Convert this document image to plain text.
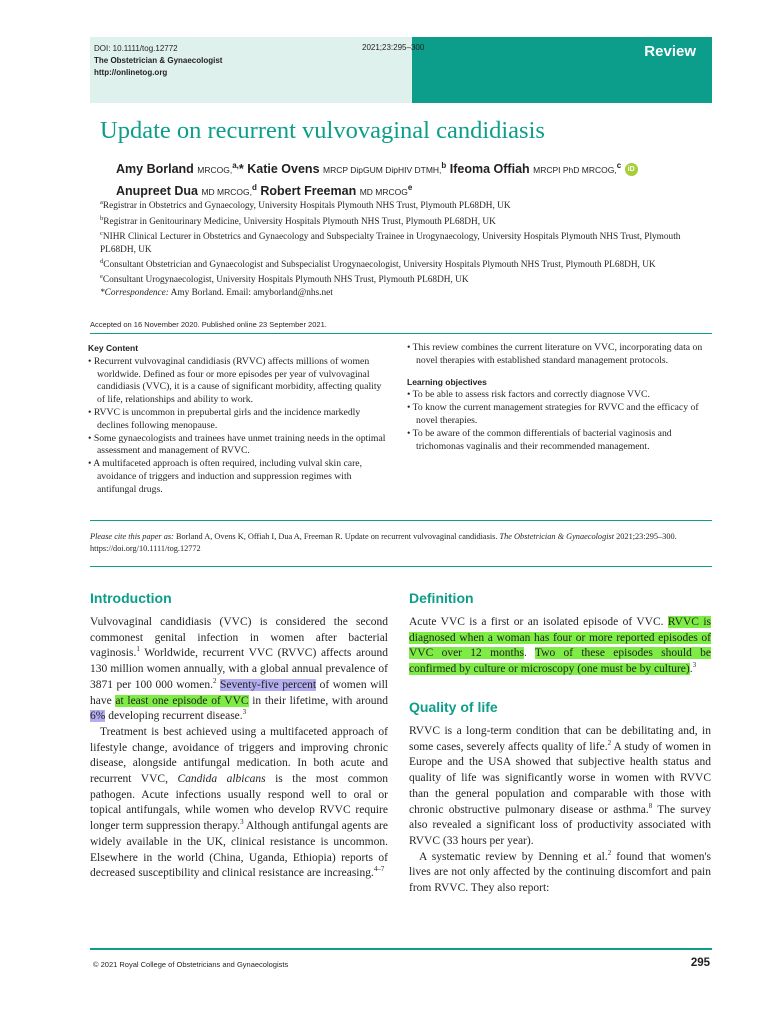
DOI: 10.1111/tog.12772
The Obstetrician & Gynaecologist
http://onlinetog.org
2021;23:295–300	Review
Update on recurrent vulvovaginal candidiasis
Amy Borland MRCOG,$^{a,}$* Katie Ovens MRCP DipGUM DipHIV DTMH,$^b$ Ifeoma Offiah MRCPI PhD MRCOG,$^c$ iD
Anupreet Dua MD MRCOG,$^d$ Robert Freeman MD MRCOG$^e$
$^a$Registrar in Obstetrics and Gynaecology, University Hospitals Plymouth NHS Trust, Plymouth PL68DH, UK
$^b$Registrar in Genitourinary Medicine, University Hospitals Plymouth NHS Trust, Plymouth PL68DH, UK
$^c$NIHR Clinical Lecturer in Obstetrics and Gynaecology and Subspecialty Trainee in Urogynaecology, University Hospitals Plymouth NHS Trust, Plymouth PL68DH, UK
$^d$Consultant Obstetrician and Gynaecologist and Subspecialist Urogynaecologist, University Hospitals Plymouth NHS Trust, Plymouth PL68DH, UK
$^e$Consultant Urogynaecologist, University Hospitals Plymouth NHS Trust, Plymouth PL68DH, UK
*Correspondence: Amy Borland. Email: amyborland@nhs.net
Accepted on 16 November 2020. Published online 23 September 2021.
Key Content

• Recurrent vulvovaginal candidiasis (RVVC) affects millions of women worldwide. Defined as four or more episodes per year of vulvovaginal candidiasis (VVC), it is a cause of significant morbidity, affecting quality of life, relationships and ability to work.

• RVVC is uncommon in prepubertal girls and the incidence markedly declines following menopause.

• Some gynaecologists and trainees have unmet training needs in the optimal assessment and management of RVVC.

• A multifaceted approach is often required, including vulval skin care, avoidance of triggers and induction and suppression regimes with antifungal drugs.

• This review combines the current literature on VVC, incorporating data on novel therapies with established standard management protocols.

Learning objectives

• To be able to assess risk factors and correctly diagnose VVC.

• To know the current management strategies for RVVC and the efficacy of novel therapies.

• To be aware of the common differentials of bacterial vaginosis and trichomonas vaginalis and their recommended management.

Please cite this paper as: Borland A, Ovens K, Offiah I, Dua A, Freeman R. Update on recurrent vulvovaginal candidiasis. The Obstetrician & Gynaecologist 2021;23:295–300. https://doi.org/10.1111/tog.12772
Introduction

Vulvovaginal candidiasis (VVC) is considered the second commonest genital infection in women after bacterial vaginosis.$^1$ Worldwide, recurrent VVC (RVVC) affects around 130 million women annually, with a global annual prevalence of 3871 per 100 000 women.$^2$ Seventy-five percent of women will have at least one episode of VVC in their lifetime, with around 6% developing recurrent disease.$^3$

Treatment is best achieved using a multifaceted approach of lifestyle change, avoidance of triggers and improving chronic disease, alongside antifungal medication. In both acute and recurrent VVC, Candida albicans is the most common pathogen. Acute infections usually respond well to oral or topical antifungals, while women who develop RVVC require longer term suppression therapy.$^3$ Although antifungal agents are widely available in the UK, clinical resistance is uncommon. Elsewhere in the world (China, Uganda, Ethiopia) reports of decreased susceptibility and clinical resistance are increasing.$^{4-7}$

Definition

Acute VVC is a first or an isolated episode of VVC. RVVC is diagnosed when a woman has four or more reported episodes of VVC over 12 months. Two of these episodes should be confirmed by culture or microscopy (one must be by culture).$^3$

Quality of life

RVVC is a long-term condition that can be debilitating and, in some cases, severely affects quality of life.$^2$ A study of women in Europe and the USA showed that subjective health status and quality of life was significantly worse in women with RVVC than the general population and comparable with those with chronic obstructive pulmonary disease or asthma.$^8$ The survey also revealed a significant loss of productivity associated with RVVC (33 hours per year).

A systematic review by Denning et al.$^2$ found that women's lives are not only affected by the continuing discomfort and pain from RVVC. They also report:

© 2021 Royal College of Obstetricians and Gynaecologists	295
